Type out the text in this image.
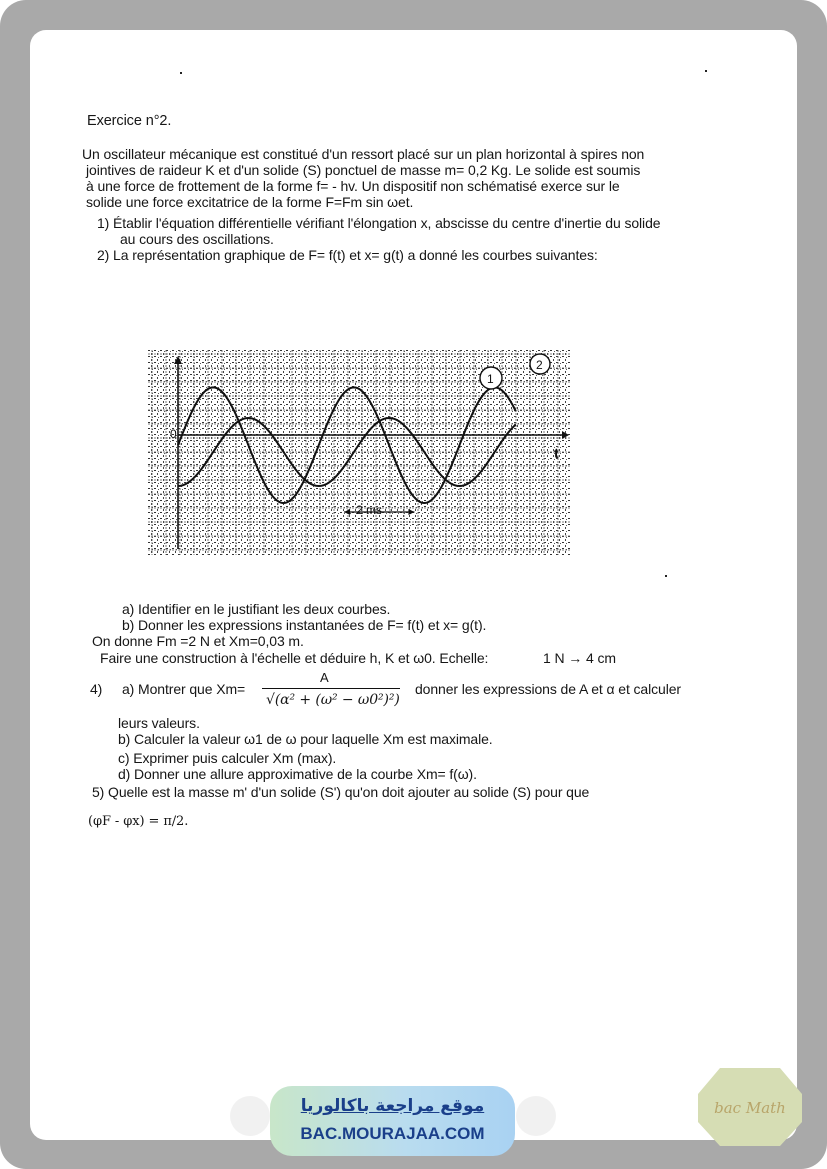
Exercice n°2.
Un oscillateur mécanique est constitué d'un ressort placé sur un plan horizontal à spires non
jointives de raideur K et d'un solide (S) ponctuel de masse m= 0,2 Kg. Le solide est soumis
à une force de frottement de la forme f= - hv. Un dispositif non schématisé exerce sur le
solide une force excitatrice de la forme F=Fm sin ωet.
1) Établir l'équation différentielle vérifiant l'élongation x, abscisse du centre d'inertie du solide
au cours des oscillations.
2) La représentation graphique de F= f(t) et x= g(t) a donné les courbes suivantes:
0
t
2 ms
1
2
a) Identifier en le justifiant les deux courbes.
b) Donner les expressions instantanées de F= f(t) et x= g(t).
On donne Fm =2 N et Xm=0,03 m.
Faire une construction à l'échelle et déduire h, K et ω0. Echelle:	1 N → 4 cm
4) a) Montrer que Xm=
A
√(α² + (ω² − ω0²)²)
donner les expressions de A et α et calculer
leurs valeurs.
b) Calculer la valeur ω1 de ω pour laquelle Xm est maximale.
c) Exprimer puis calculer Xm (max).
d) Donner une allure approximative de la courbe Xm= f(ω).
5) Quelle est la masse m' d'un solide (S') qu'on doit ajouter au solide (S) pour que
(φF - φx) = π/2.
موقع مراجعة باكالوريا
BAC.MOURAJAA.COM
bac Math
